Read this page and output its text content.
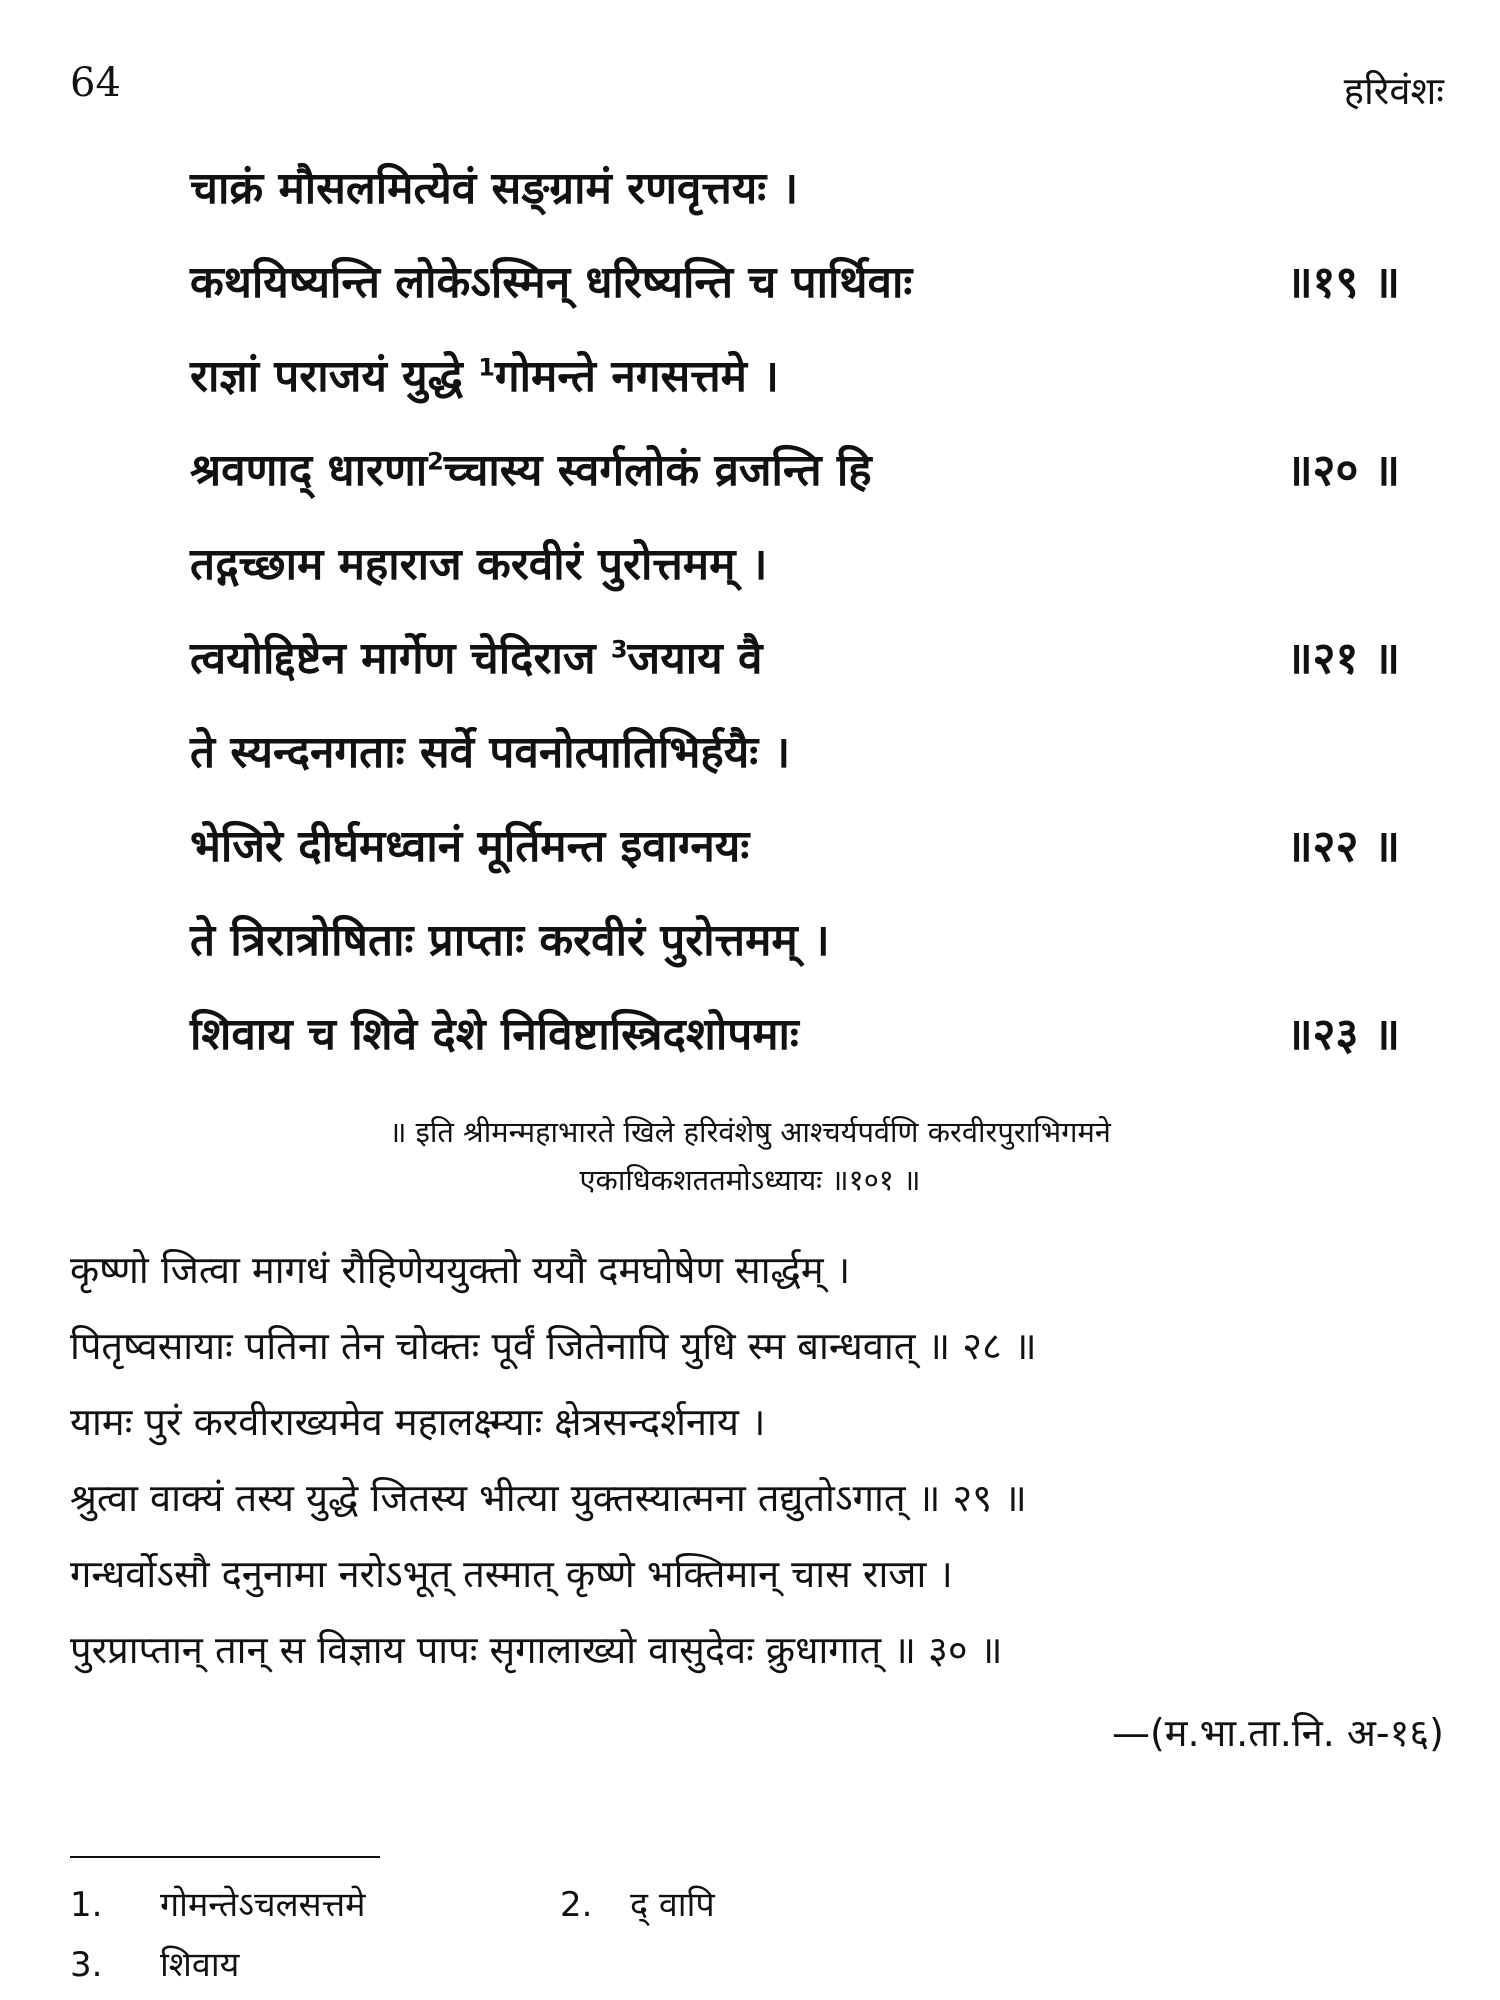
64	हरिवंशः
चाक्रं मौसलमित्येवं सङ्ग्रामं रणवृत्तयः ।
कथयिष्यन्ति लोकेऽस्मिन् धरिष्यन्ति च पार्थिवाः	॥१९ ॥
राज्ञां पराजयं युद्धे $^1$गोमन्ते नगसत्तमे ।
श्रवणाद् धारणा$^2$च्चास्य स्वर्गलोकं व्रजन्ति हि	॥२० ॥
तद्गच्छाम महाराज करवीरं पुरोत्तमम् ।
त्वयोद्दिष्टेन मार्गेण चेदिराज $^3$जयाय वै	॥२१ ॥
ते स्यन्दनगताः सर्वे पवनोत्पातिभिर्हयैः ।
भेजिरे दीर्घमध्वानं मूर्तिमन्त इवाग्नयः	॥२२ ॥
ते त्रिरात्रोषिताः प्राप्ताः करवीरं पुरोत्तमम् ।
शिवाय च शिवे देशे निविष्टास्त्रिदशोपमाः	॥२३ ॥
॥ इति श्रीमन्महाभारते खिले हरिवंशेषु आश्चर्यपर्वणि करवीरपुराभिगमने
एकाधिकशततमोऽध्यायः ॥१०१ ॥
कृष्णो जित्वा मागधं रौहिणेययुक्तो ययौ दमघोषेण सार्द्धम् ।
पितृष्वसायाः पतिना तेन चोक्तः पूर्वं जितेनापि युधि स्म बान्धवात् ॥ २८ ॥
यामः पुरं करवीराख्यमेव महालक्ष्म्याः क्षेत्रसन्दर्शनाय ।
श्रुत्वा वाक्यं तस्य युद्धे जितस्य भीत्या युक्तस्यात्मना तद्युतोऽगात् ॥ २९ ॥
गन्धर्वोऽसौ दनुनामा नरोऽभूत् तस्मात् कृष्णे भक्तिमान् चास राजा ।
पुरप्राप्तान् तान् स विज्ञाय पापः सृगालाख्यो वासुदेवः क्रुधागात् ॥ ३० ॥
—(म.भा.ता.नि. अ-१६)
1. गोमन्तेऽचलसत्तमे	2. द् वापि
3. शिवाय
